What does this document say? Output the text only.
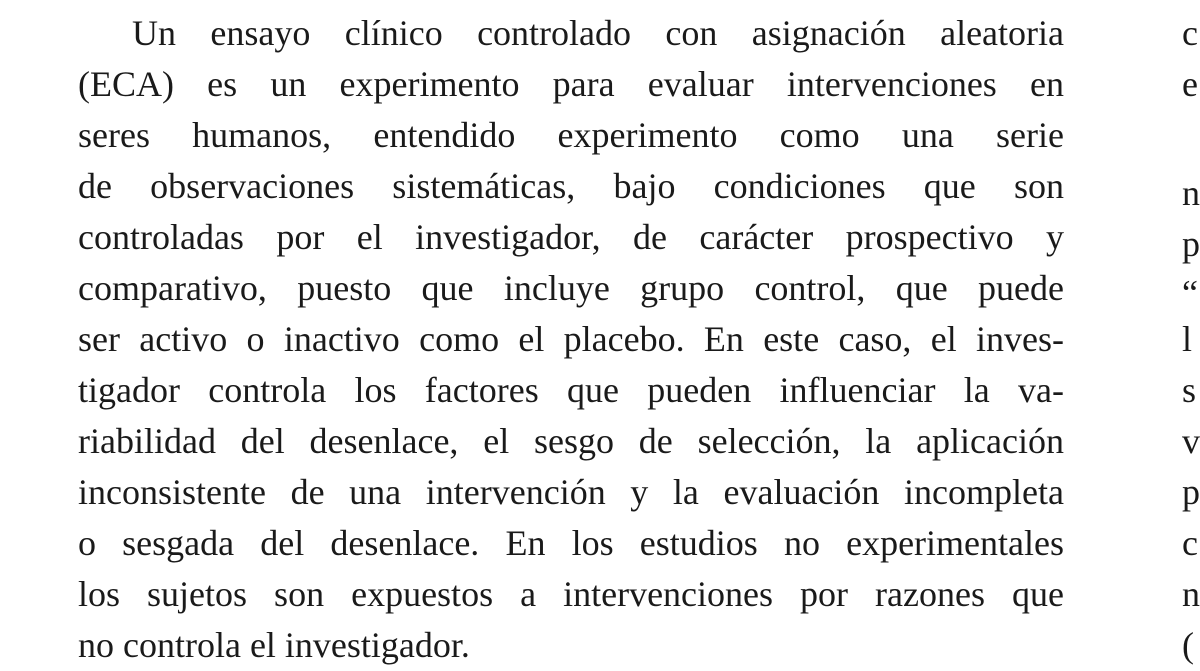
Un ensayo clínico controlado con asignación aleatoria
(ECA) es un experimento para evaluar intervenciones en
seres humanos, entendido experimento como una serie
de observaciones sistemáticas, bajo condiciones que son
controladas por el investigador, de carácter prospectivo y
comparativo, puesto que incluye grupo control, que puede
ser activo o inactivo como el placebo. En este caso, el inves-
tigador controla los factores que pueden influenciar la va-
riabilidad del desenlace, el sesgo de selección, la aplicación
inconsistente de una intervención y la evaluación incompleta
o sesgada del desenlace. En los estudios no experimentales
los sujetos son expuestos a intervenciones por razones que
no controla el investigador.
c
e
n
p
“
l
s
v
p
c
n
(
